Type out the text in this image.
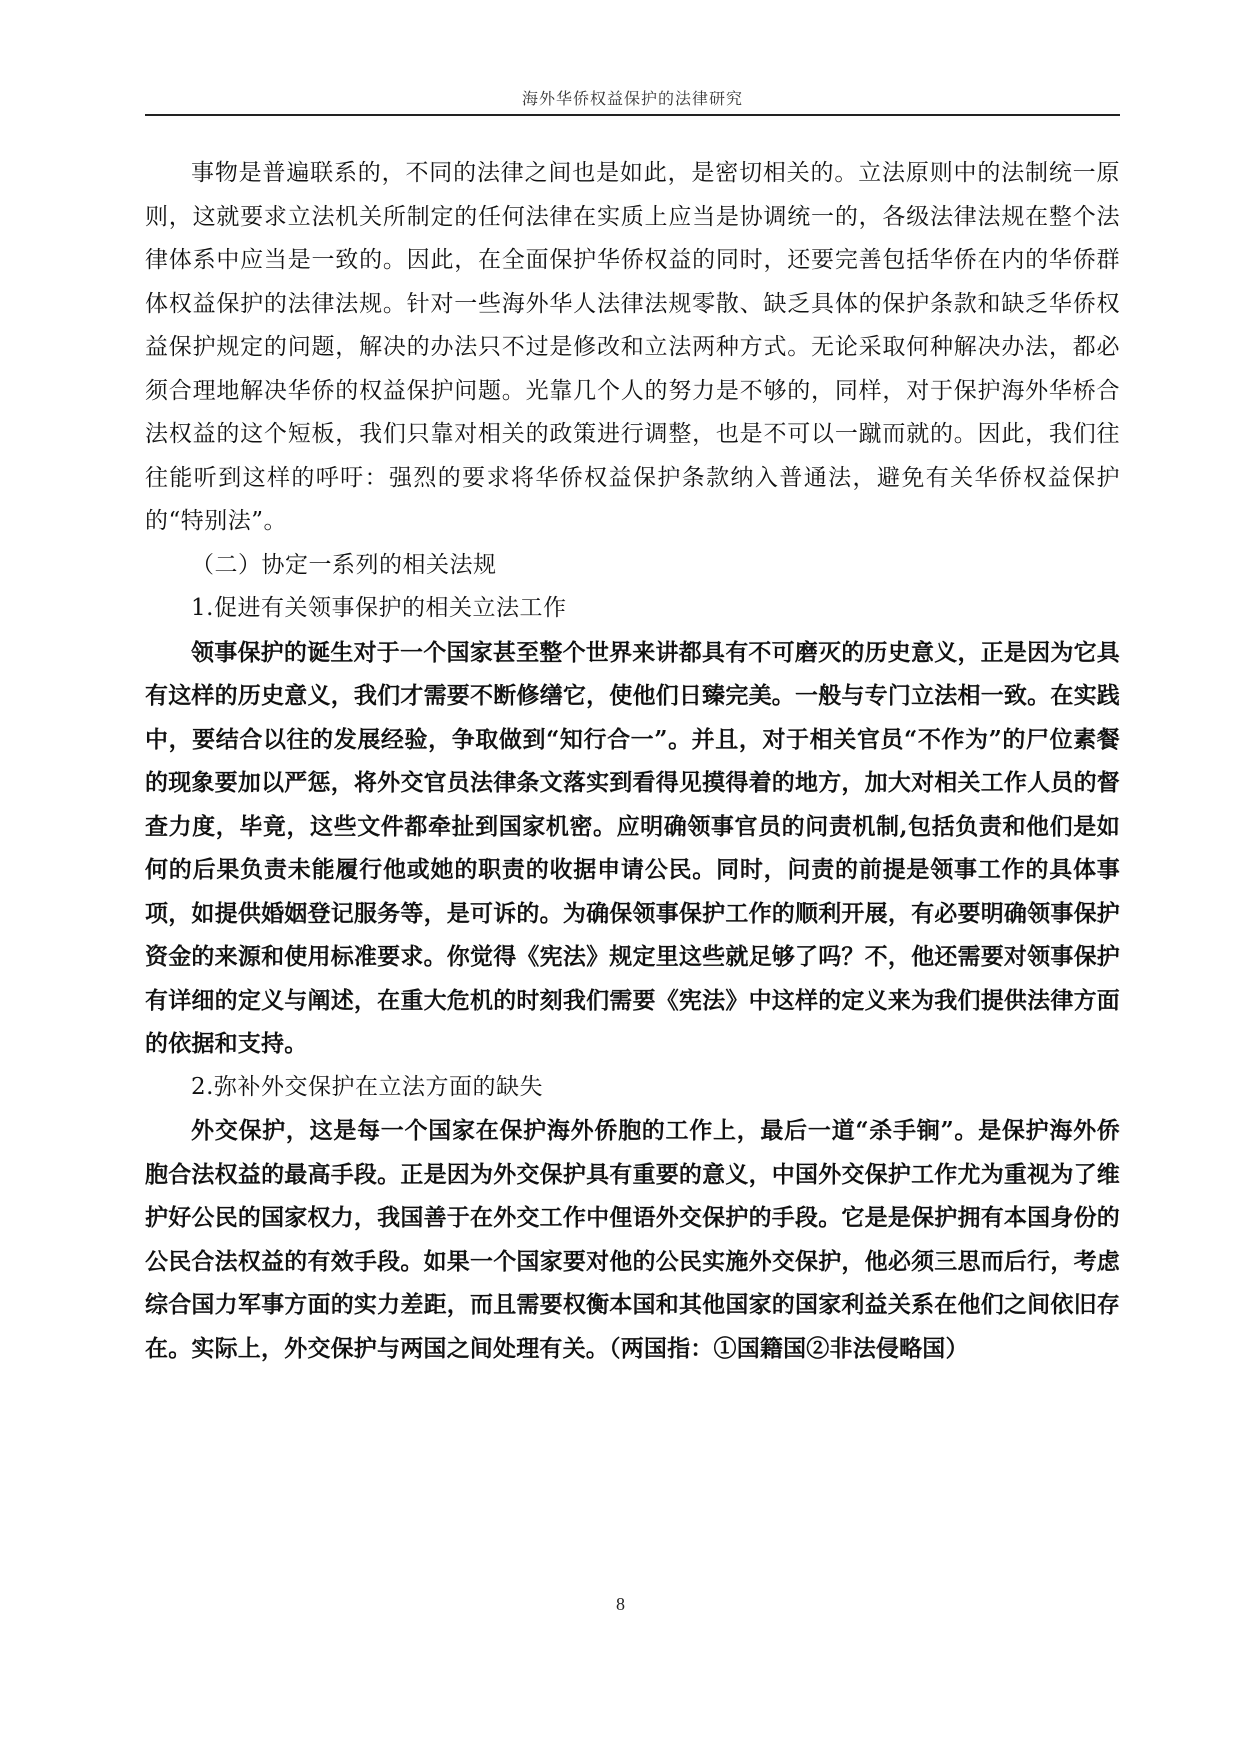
海外华侨权益保护的法律研究

事物是普遍联系的，不同的法律之间也是如此，是密切相关的。立法原则中的法制统一原则，这就要求立法机关所制定的任何法律在实质上应当是协调统一的，各级法律法规在整个法律体系中应当是一致的。因此，在全面保护华侨权益的同时，还要完善包括华侨在内的华侨群体权益保护的法律法规。针对一些海外华人法律法规零散、缺乏具体的保护条款和缺乏华侨权益保护规定的问题，解决的办法只不过是修改和立法两种方式。无论采取何种解决办法，都必须合理地解决华侨的权益保护问题。光靠几个人的努力是不够的，同样，对于保护海外华桥合法权益的这个短板，我们只靠对相关的政策进行调整，也是不可以一蹴而就的。因此，我们往往能听到这样的呼吁：强烈的要求将华侨权益保护条款纳入普通法，避免有关华侨权益保护的“特别法”。

（二）协定一系列的相关法规

1.促进有关领事保护的相关立法工作

领事保护的诞生对于一个国家甚至整个世界来讲都具有不可磨灭的历史意义，正是因为它具有这样的历史意义，我们才需要不断修缮它，使他们日臻完美。一般与专门立法相一致。在实践中，要结合以往的发展经验，争取做到“知行合一”。并且，对于相关官员“不作为”的尸位素餐的现象要加以严惩，将外交官员法律条文落实到看得见摸得着的地方，加大对相关工作人员的督查力度，毕竟，这些文件都牵扯到国家机密。应明确领事官员的问责机制,包括负责和他们是如何的后果负责未能履行他或她的职责的收据申请公民。同时，问责的前提是领事工作的具体事项，如提供婚姻登记服务等，是可诉的。为确保领事保护工作的顺利开展，有必要明确领事保护资金的来源和使用标准要求。你觉得《宪法》规定里这些就足够了吗？不，他还需要对领事保护有详细的定义与阐述，在重大危机的时刻我们需要《宪法》中这样的定义来为我们提供法律方面的依据和支持。

2.弥补外交保护在立法方面的缺失

外交保护，这是每一个国家在保护海外侨胞的工作上，最后一道“杀手锏”。是保护海外侨胞合法权益的最高手段。正是因为外交保护具有重要的意义，中国外交保护工作尤为重视为了维护好公民的国家权力，我国善于在外交工作中俚语外交保护的手段。它是是保护拥有本国身份的公民合法权益的有效手段。如果一个国家要对他的公民实施外交保护，他必须三思而后行，考虑综合国力军事方面的实力差距，而且需要权衡本国和其他国家的国家利益关系在他们之间依旧存在。实际上，外交保护与两国之间处理有关。（两国指：①国籍国②非法侵略国）

8
